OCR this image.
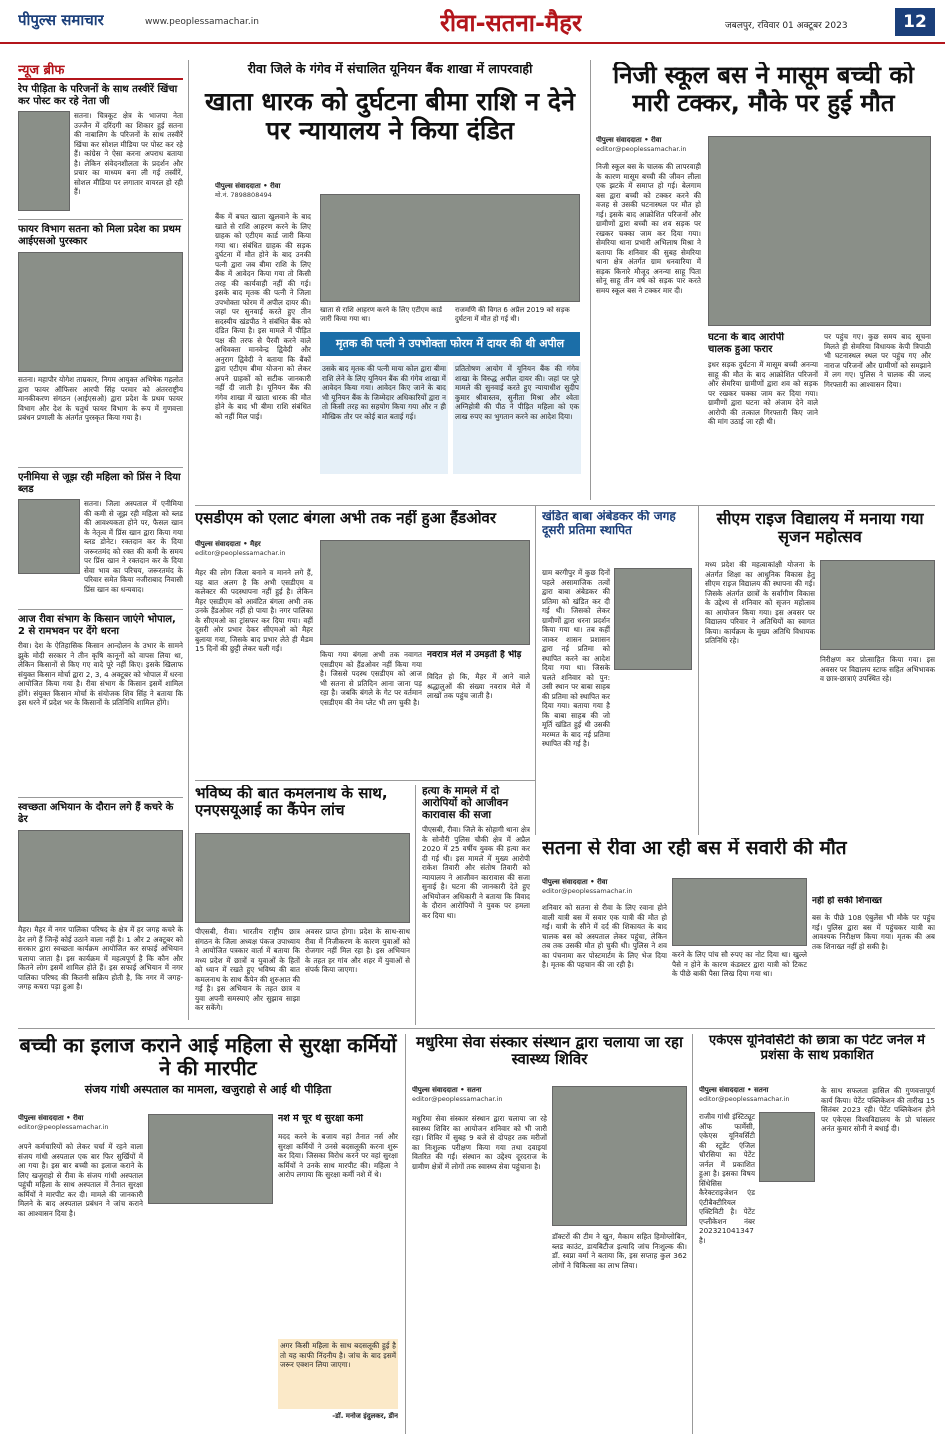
पीपुल्स समाचार	www.peoplessamachar.in	रीवा-सतना-मैहर	जबलपुर, रविवार 01 अक्टूबर 2023	12
न्यूज ब्रीफ
रेप पीड़िता के परिजनों के साथ तस्वीरें खिंचा कर पोस्ट कर रहे नेता जी
सतना। चित्रकूट क्षेत्र के भाजपा नेता उज्जैन में दरिंदगी का शिकार हुई सतना की नाबालिग के परिजनों के साथ तस्वीरें खिंचा कर सोशल मीडिया पर पोस्ट कर रहे हैं। कांग्रेस ने ऐसा करना अपराध बताया है। लेकिन संवेदनशीलता के प्रदर्शन और प्रचार का माध्यम बना ली गई तस्वीरें, सोशल मीडिया पर लगातार वायरल हो रही हैं।
फायर विभाग सतना को मिला प्रदेश का प्रथम आईएसओ पुरस्कार
सतना। महापौर योगेश ताम्रकार, निगम आयुक्त अभिषेक गहलोत द्वारा फायर ऑफिसर आरपी सिंह परमार को अंतरराष्ट्रीय मानकीकरण संगठन (आईएसओ) द्वारा प्रदेश के प्रथम फायर विभाग और देश के चतुर्थ फायर विभाग के रूप में गुणवत्ता प्रबंधन प्रणाली के अंतर्गत पुरस्कृत किया गया है।
एनीमिया से जूझ रही महिला को प्रिंस ने दिया ब्लड
सतना। जिला अस्पताल में एनीमिया की कमी से जूझ रही महिला को ब्लड की आवश्यकता होने पर, फैसल खान के नेतृत्व में प्रिंस खान द्वारा किया गया ब्लड डोनेट। रक्तदान कर के दिया जरूरतमंद को रक्त की कमी के समय पर प्रिंस खान ने रक्तदान कर के दिया सेवा भाव का परिचय, जरूरतमंद के परिवार समेत किया नजीराबाद निवासी प्रिंस खान का धन्यवाद।
आज रीवा संभाग के किसान जाएंगे भोपाल, 2 से रामभवन पर देंगे धरना
रीवा। देश के ऐतिहासिक किसान आन्दोलन के उभार के सामने झुके मोदी सरकार ने तीन कृषि कानूनों को वापस लिया था, लेकिन किसानों से किए गए वादे पूरे नहीं किए। इसके खिलाफ संयुक्त किसान मोर्चा द्वारा 2, 3, 4 अक्टूबर को भोपाल में धरना आयोजित किया गया है। रीवा संभाग के किसान इसमें शामिल होंगे। संयुक्त किसान मोर्चा के संयोजक शिव सिंह ने बताया कि इस धरने में प्रदेश भर के किसानों के प्रतिनिधि शामिल होंगे।
स्वच्छता अभियान के दौरान लगे हैं कचरे के ढेर
मैहर। मैहर में नगर पालिका परिषद के क्षेत्र में हर जगह कचरे के ढेर लगे हैं जिन्हें कोई उठाने वाला नहीं है। 1 और 2 अक्टूबर को सरकार द्वारा स्वच्छता कार्यक्रम आयोजित कर सफाई अभियान चलाया जाता है। इस कार्यक्रम में महत्वपूर्ण है कि कौन और कितने लोग इसमें शामिल होते हैं। इस सफाई अभियान में नगर पालिका परिषद की कितनी सक्रिय होती है, कि नगर में जगह-जगह कचरा पड़ा हुआ है।
रीवा जिले के गंगेव में संचालित यूनियन बैंक शाखा में लापरवाही
खाता धारक को दुर्घटना बीमा राशि न देने पर न्यायालय ने किया दंडित
पीपुल्स संवाददाता • रीवा
मो.नं. 7898808494
बैंक में बचत खाता खुलवाने के बाद खाते से राशि आहरण करने के लिए ग्राहक को एटीएम कार्ड जारी किया गया था। संबंधित ग्राहक की सड़क दुर्घटना में मौत होने के बाद उनकी पत्नी द्वारा जब बीमा राशि के लिए बैंक में आवेदन किया गया तो किसी तरह की कार्यवाही नहीं की गई। इसके बाद मृतक की पत्नी ने जिला उपभोक्ता फोरम में अपील दायर की। जहां पर सुनवाई करते हुए तीन सदस्यीय खंडपीठ ने संबंधित बैंक को दंडित किया है। इस मामले में पीड़ित पक्ष की तरफ से पैरवी करने वाले अधिवक्ता मानवेन्द्र द्विवेदी और अनुराग द्विवेदी ने बताया कि बैंकों द्वारा एटीएम बीमा योजना को लेकर अपने ग्राहकों को सटीक जानकारी नहीं दी जाती है। यूनियन बैंक की गंगेव शाखा में खाता धारक की मौत होने के बाद भी बीमा राशि संबंधित को नहीं मिल पाई।
खाता से राशि आहरण करने के लिए एटीएम कार्ड जारी किया गया था।
राजमणि की विगत 6 अप्रैल 2019 को सड़क दुर्घटना में मौत हो गई थी।
मृतक की पत्नी ने उपभोक्ता फोरम में दायर की थी अपील
उसके बाद मृतक की पत्नी माया कोल द्वारा बीमा राशि लेने के लिए यूनियन बैंक की गंगेव शाखा में आवेदन किया गया। आवेदन किए जाने के बाद भी यूनियन बैंक के जिम्मेदार अधिकारियों द्वारा न तो किसी तरह का सहयोग किया गया और न ही मौखिक तौर पर कोई बात बताई गई।
प्रतितोषण आयोग में यूनियन बैंक की गंगेव शाखा के विरुद्ध अपील दायर की। जहां पर पूरे मामले की सुनवाई करते हुए न्यायाधीश सुदीप कुमार श्रीवास्तव, सुनीता मिश्रा और श्वेता अग्निहोत्री की पीठ ने पीड़ित महिला को एक लाख रुपए का भुगतान करने का आदेश दिया।
निजी स्कूल बस ने मासूम बच्ची को मारी टक्कर, मौके पर हुई मौत
पीपुल्स संवाददाता • रीवा
editor@peoplessamachar.in
निजी स्कूल बस के चालक की लापरवाही के कारण मासूम बच्ची की जीवन लीला एक झटके में समाप्त हो गई। बेलगाम बस द्वारा बच्ची को टक्कर करने की वजह से उसकी घटनास्थल पर मौत हो गई। इसके बाद आक्रोशित परिजनों और ग्रामीणों द्वारा बच्ची का शव सड़क पर रखकर चक्का जाम कर दिया गया। सेमरिया थाना प्रभारी अभिलाष मिश्रा ने बताया कि शनिवार की सुबह सेमरिया थाना क्षेत्र अंतर्गत ग्राम धनवारिया में सड़क किनारे मौजूद अनन्या साहू पिता सोनू साहू तीन वर्ष को सड़क पार करते समय स्कूल बस ने टक्कर मार दी।
घटना के बाद आरोपी चालक हुआ फरार
इधर सड़क दुर्घटना में मासूम बच्ची अनन्या साहू की मौत के बाद आक्रोशित परिजनों और सेमरिया ग्रामीणों द्वारा शव को सड़क पर रखकर चक्का जाम कर दिया गया। ग्रामीणों द्वारा घटना को अंजाम देने वाले आरोपी की तत्काल गिरफ्तारी किए जाने की मांग उठाई जा रही थी।
पर पहुंच गए। कुछ समय बाद सूचना मिलते ही सेमरिया विधायक केपी त्रिपाठी भी घटनास्थल स्थल पर पहुंच गए और नाराज परिजनों और ग्रामीणों को समझाने में लग गए। पुलिस ने चालक की जल्द गिरफ्तारी का आश्वासन दिया।
एसडीएम को एलाट बंगला अभी तक नहीं हुआ हैंडओवर
पीपुल्स संवाददाता • मैहर
editor@peoplessamachar.in
मैहर की लोग जिला बनाने व मानने लगे हैं, यह बात अलग है कि अभी एसडीएम व कलेक्टर की पदस्थापना नहीं हुई है। लेकिन मैहर एसडीएम को आवंटित बंगला अभी तक उनके हैंडओवर नहीं हो पाया है। नगर पालिका के सीएमओ का ट्रांसफर कर दिया गया। वहीं दूसरी ओर प्रभार देकर सीएमओ को मैहर बुलाया गया, जिसके बाद प्रभार लेते ही मैडम 15 दिनों की छुट्टी लेकर चली गईं।
किया गया बंगला अभी तक नवागत एसडीएम को हैंडओवर नहीं किया गया है। जिससे पदस्थ एसडीएम को आज भी सतना से प्रतिदिन आना जाना पड़ रहा है। जबकि बंगले के गेट पर वर्तमान एसडीएम की नेम प्लेट भी लग चुकी है।
नवरात्र मेले में उमड़ती है भीड़
विदित हो कि, मैहर में आने वाले श्रद्धालुओं की संख्या नवरात्र मेले में लाखों तक पहुंच जाती है।
खंडित बाबा अंबेडकर की जगह दूसरी प्रतिमा स्थापित
ग्राम बरगीपुर में कुछ दिनों पहले असामाजिक तत्वों द्वारा बाबा अंबेडकर की प्रतिमा को खंडित कर दी गई थी। जिसको लेकर ग्रामीणों द्वारा धरना प्रदर्शन किया गया था। तब कहीं जाकर शासन प्रशासन द्वारा नई प्रतिमा को स्थापित करने का आदेश दिया गया था। जिसके चलते शनिवार को पुन: उसी स्थान पर बाबा साहब की प्रतिमा को स्थापित कर दिया गया। बताया गया है कि बाबा साहब की जो मूर्ति खंडित हुई थी उसकी मरम्मत के बाद नई प्रतिमा स्थापित की गई है।
सीएम राइज विद्यालय में मनाया गया सृजन महोत्सव
मध्य प्रदेश की महत्वाकांक्षी योजना के अंतर्गत शिक्षा का आधुनिक विकास हेतु सीएम राइज विद्यालय की स्थापना की गई। जिसके अंतर्गत छात्रों के सर्वांगीण विकास के उद्देश्य से शनिवार को सृजन महोत्सव का आयोजन किया गया। इस अवसर पर विद्यालय परिवार ने अतिथियों का स्वागत किया। कार्यक्रम के मुख्य अतिथि विधायक प्रतिनिधि रहे।
निरीक्षण कर प्रोत्साहित किया गया। इस अवसर पर विद्यालय स्टाफ सहित अभिभावक व छात्र-छात्राएं उपस्थित रहे।
भविष्य की बात कमलनाथ के साथ, एनएसयूआई का कैंपेन लांच
पीएसबी, रीवा। भारतीय राष्ट्रीय छात्र संगठन के जिला अध्यक्ष पंकज उपाध्याय ने आयोजित पत्रकार वार्ता में बताया कि मध्य प्रदेश में छात्रों व युवाओं के हितों को ध्यान में रखते हुए भविष्य की बात कमलनाथ के साथ कैंपेन की शुरुआत की गई है। इस अभियान के तहत छात्र व युवा अपनी समस्याएं और सुझाव साझा कर सकेंगे।
अवसर प्राप्त होगा। प्रदेश के साथ-साथ रीवा में निजीकरण के कारण युवाओं को रोजगार नहीं मिल रहा है। इस अभियान के तहत हर गांव और शहर में युवाओं से संपर्क किया जाएगा।
हत्या के मामले में दो आरोपियों को आजीवन कारावास की सजा
पीएसबी, रीवा। जिले के सोहागी थाना क्षेत्र के सोनौरी पुलिस चौकी क्षेत्र में अप्रैल 2020 में 25 वर्षीय युवक की हत्या कर दी गई थी। इस मामले में मुख्य आरोपी राकेश तिवारी और संतोष तिवारी को न्यायालय ने आजीवन कारावास की सजा सुनाई है। घटना की जानकारी देते हुए अभियोजन अधिकारी ने बताया कि विवाद के दौरान आरोपियों ने युवक पर हमला कर दिया था।
सतना से रीवा आ रही बस में सवारी की मौत
पीपुल्स संवाददाता • रीवा
editor@peoplessamachar.in
शनिवार को सतना से रीवा के लिए रवाना होने वाली यात्री बस में सवार एक यात्री की मौत हो गई। यात्री के सीने में दर्द की शिकायत के बाद चालक बस को अस्पताल लेकर पहुंचा, लेकिन तब तक उसकी मौत हो चुकी थी। पुलिस ने शव का पंचनामा कर पोस्टमार्टम के लिए भेज दिया है। मृतक की पहचान की जा रही है।
करने के लिए पांच सौ रुपए का नोट दिया था। खुल्ले पैसे न होने के कारण कंडक्टर द्वारा यात्री को टिकट के पीछे बाकी पैसा लिख दिया गया था।
नहीं हो सकी शिनाख्त
बस के पीछे 108 एंबुलेंस भी मौके पर पहुंच गई। पुलिस द्वारा बस में पहुंचकर यात्री का आवश्यक निरीक्षण किया गया। मृतक की अब तक शिनाख्त नहीं हो सकी है।
बच्ची का इलाज कराने आई महिला से सुरक्षा कर्मियों ने की मारपीट
संजय गांधी अस्पताल का मामला, खजुराहो से आई थी पीड़िता
पीपुल्स संवाददाता • रीवा
editor@peoplessamachar.in
अपने कर्मचारियों को लेकर चर्चा में रहने वाला संजय गांधी अस्पताल एक बार फिर सुर्खियों में आ गया है। इस बार बच्ची का इलाज कराने के लिए खजुराहो से रीवा के संजय गांधी अस्पताल पहुंची महिला के साथ अस्पताल में तैनात सुरक्षा कर्मियों ने मारपीट कर दी। मामले की जानकारी मिलने के बाद अस्पताल प्रबंधन ने जांच कराने का आश्वासन दिया है।
नशे में चूर थे सुरक्षा कर्मी
मदद करने के बजाय वहां तैनात नर्स और सुरक्षा कर्मियों ने उनसे बदसलूकी करना शुरू कर दिया। जिसका विरोध करने पर वहां सुरक्षा कर्मियों ने उनके साथ मारपीट की। महिला ने आरोप लगाया कि सुरक्षा कर्मी नशे में थे।
अगर किसी महिला के साथ बदसलूकी हुई है तो यह काफी निंदनीय है। जांच के बाद इसमें जरूर एक्शन लिया जाएगा।
-डॉ. मनोज इंदुलकर, डीन
मधुरिमा सेवा संस्कार संस्थान द्वारा चलाया जा रहा स्वास्थ्य शिविर
पीपुल्स संवाददाता • सतना
editor@peoplessamachar.in
मधुरिमा सेवा संस्कार संस्थान द्वारा चलाया जा रहे स्वास्थ्य शिविर का आयोजन शनिवार को भी जारी रहा। शिविर में सुबह 9 बजे से दोपहर तक मरीजों का निःशुल्क परीक्षण किया गया तथा दवाइयां वितरित की गईं। संस्थान का उद्देश्य दूरदराज के ग्रामीण क्षेत्रों में लोगों तक स्वास्थ्य सेवा पहुंचाना है।
डॉक्टरों की टीम ने खुन, मैकाम सहित हिमोग्लोबिन, ब्लड काउंट, डायबिटीज इत्यादि जांच निःशुल्क की। डॉ. स्वप्ना वर्मा ने बताया कि, इस सप्ताह कुल 362 लोगों ने चिकित्सा का लाभ लिया।
एकेएस यूनिवर्सिटी की छात्रा का पेटेंट जर्नल में प्रशंसा के साथ प्रकाशित
पीपुल्स संवाददाता • सतना
editor@peoplessamachar.in
राजीव गांधी इंस्टिट्यूट ऑफ फार्मेसी, एकेएस यूनिवर्सिटी की स्टूडेंट एंजिल चौरसिया का पेटेंट जर्नल में प्रकाशित हुआ है। इसका विषय सिंथेसिस कैरेक्टराइजेशन एंड एंटीबैक्टीरियल एक्टिविटी है। पेटेंट एप्लीकेशन नंबर 202321041347 है।
के साथ सफलता हासिल की गुणवत्तापूर्ण कार्य किया। पेटेंट पब्लिकेशन की तारीख 15 सितंबर 2023 रही। पेटेंट पब्लिकेशन होने पर एकेएस विश्वविद्यालय के प्रो चांसलर अनंत कुमार सोनी ने बधाई दी।
